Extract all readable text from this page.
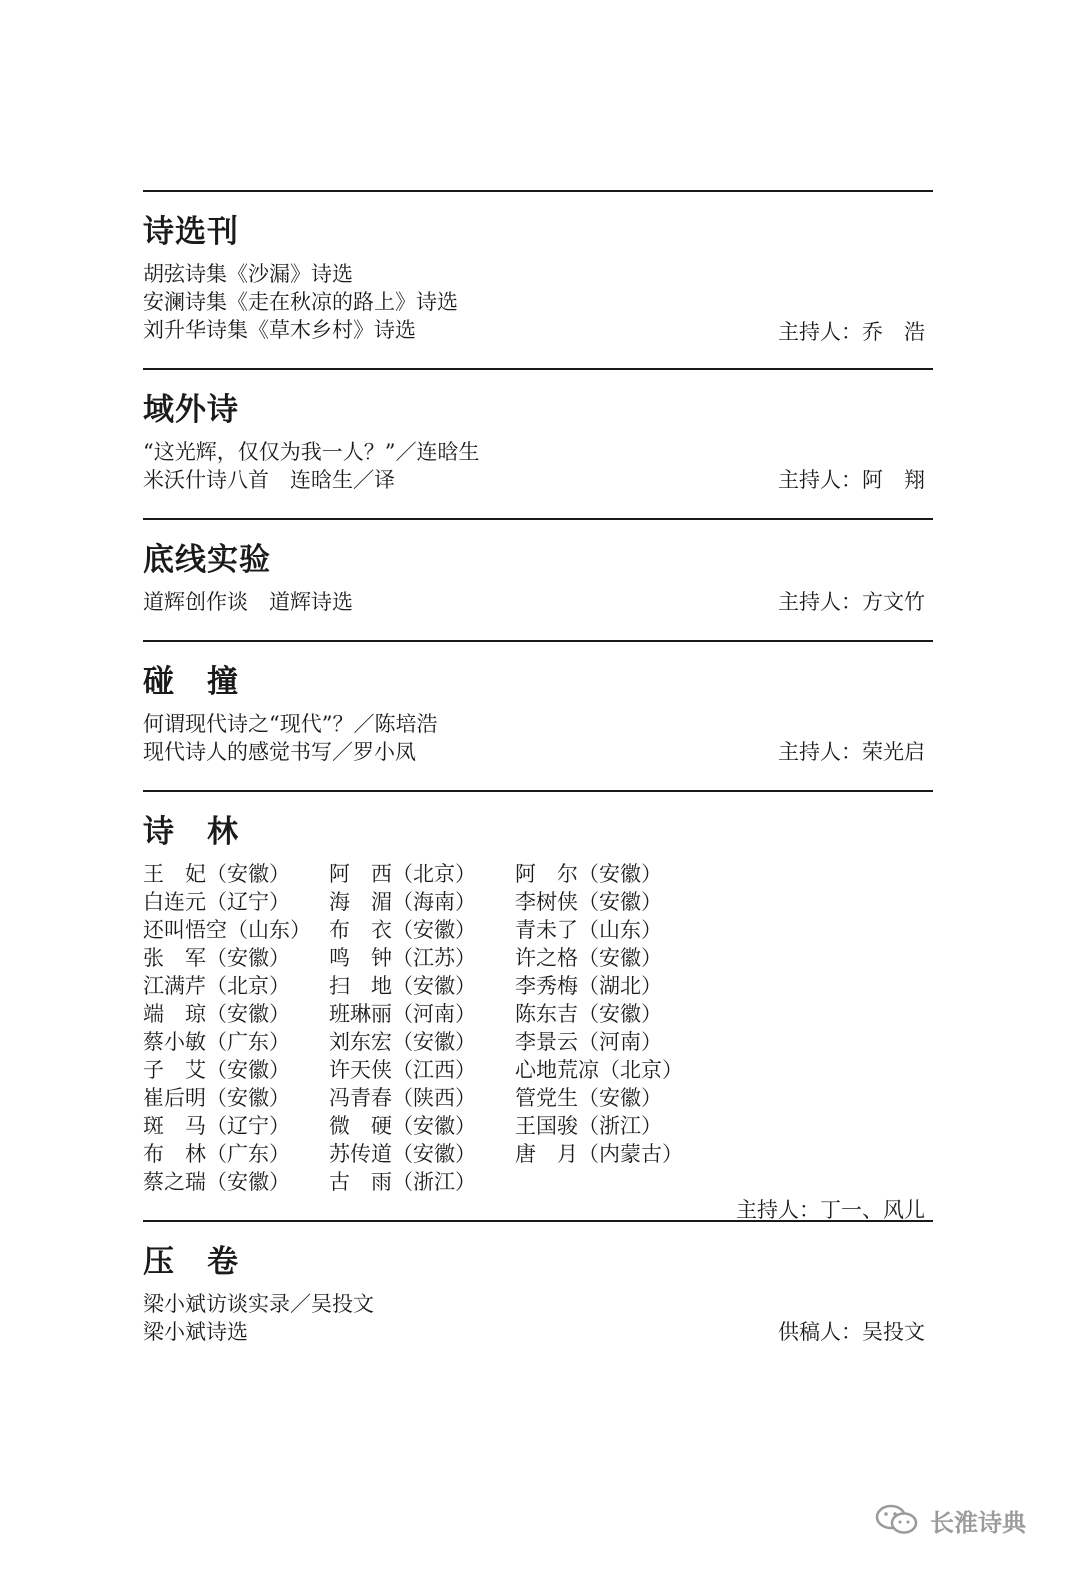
诗选刊
胡弦诗集《沙漏》诗选
安澜诗集《走在秋凉的路上》诗选
刘升华诗集《草木乡村》诗选	主持人：乔　浩
域外诗
“这光辉，仅仅为我一人？”／连晗生
米沃什诗八首　连晗生／译	主持人：阿　翔
底线实验
道辉创作谈　道辉诗选	主持人：方文竹
碰　撞
何谓现代诗之“现代”？／陈培浩
现代诗人的感觉书写／罗小凤	主持人：荣光启
诗　林
王　妃（安徽）	阿　西（北京）	阿　尔（安徽）
白连元（辽宁）	海　湄（海南）	李树侠（安徽）
还叫悟空（山东） 布　衣（安徽）	青未了（山东）
张　军（安徽）	鸣　钟（江苏）	许之格（安徽）
江满芹（北京）	扫　地（安徽）	李秀梅（湖北）
端　琼（安徽）	班琳丽（河南）	陈东吉（安徽）
蔡小敏（广东）	刘东宏（安徽）	李景云（河南）
子　艾（安徽）	许天侠（江西）	心地荒凉（北京）
崔后明（安徽）	冯青春（陕西）	管党生（安徽）
斑　马（辽宁）	微　硬（安徽）	王国骏（浙江）
布　林（广东）	苏传道（安徽）	唐　月（内蒙古）
蔡之瑞（安徽）	古　雨（浙江）
主持人：丁一、风儿
压　卷
梁小斌访谈实录／吴投文
梁小斌诗选	供稿人：吴投文
长淮诗典
